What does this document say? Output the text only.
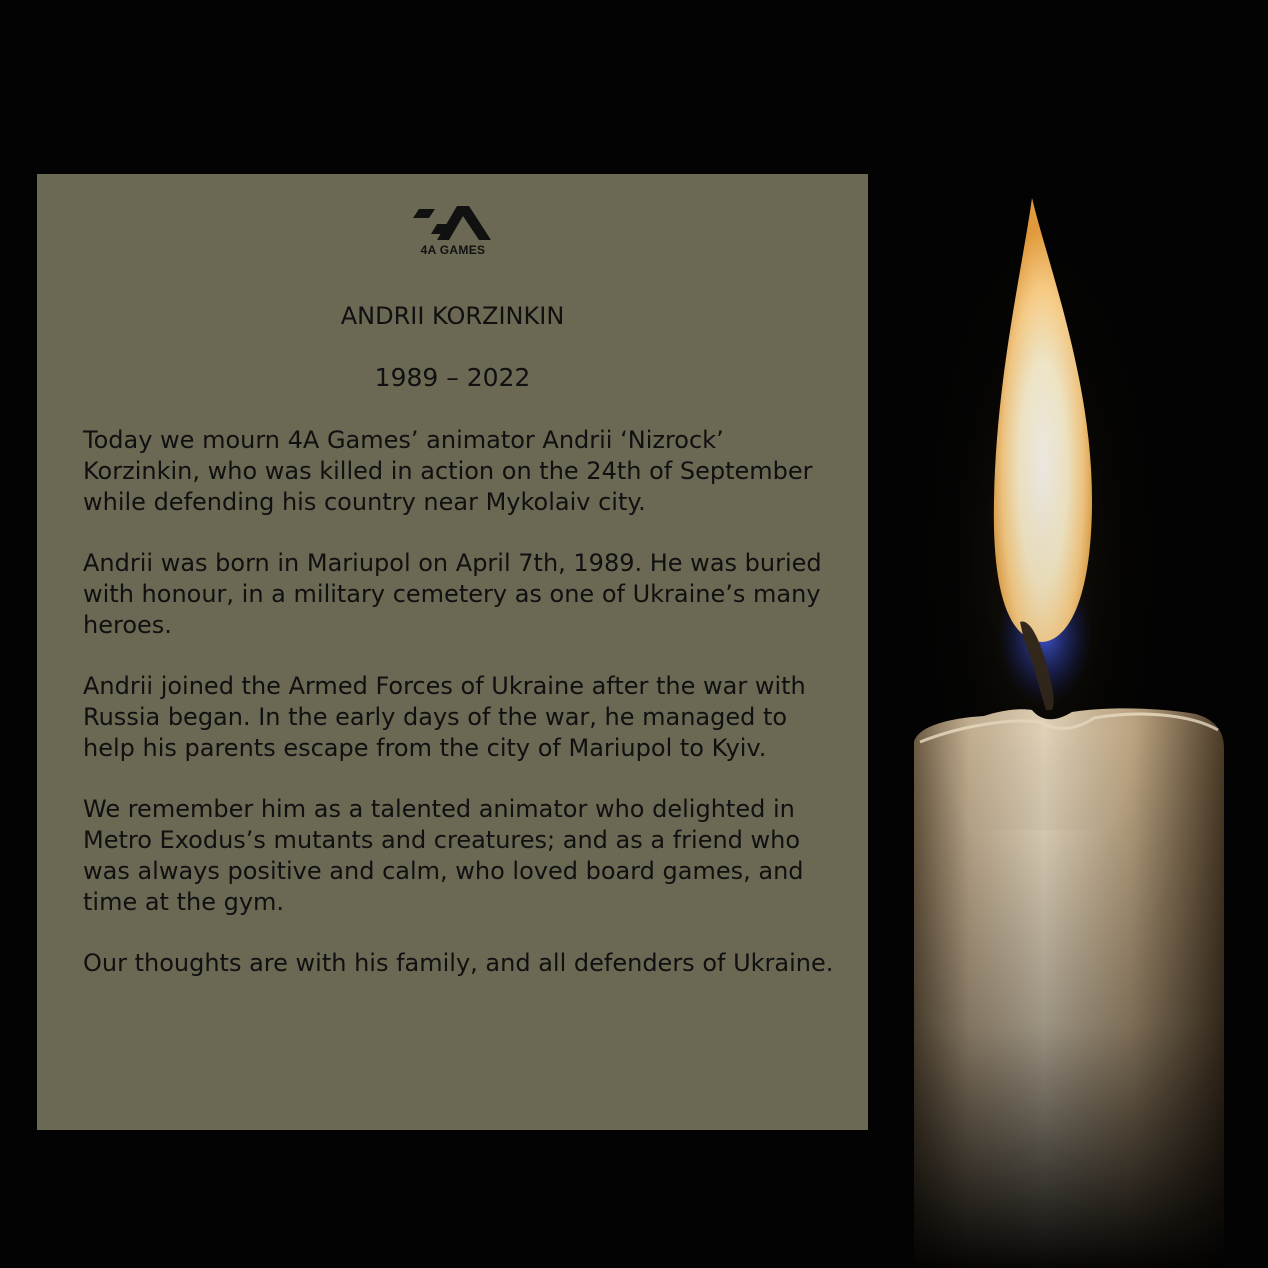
4A GAMES
ANDRII KORZINKIN
1989 – 2022

Today we mourn 4A Games’ animator Andrii ‘Nizrock’ Korzinkin, who was killed in action on the 24th of September while defending his country near Mykolaiv city.

Andrii was born in Mariupol on April 7th, 1989. He was buried with honour, in a military cemetery as one of Ukraine’s many heroes.

Andrii joined the Armed Forces of Ukraine after the war with Russia began. In the early days of the war, he managed to help his parents escape from the city of Mariupol to Kyiv.

We remember him as a talented animator who delighted in Metro Exodus’s mutants and creatures; and as a friend who was always positive and calm, who loved board games, and time at the gym.

Our thoughts are with his family, and all defenders of Ukraine.
